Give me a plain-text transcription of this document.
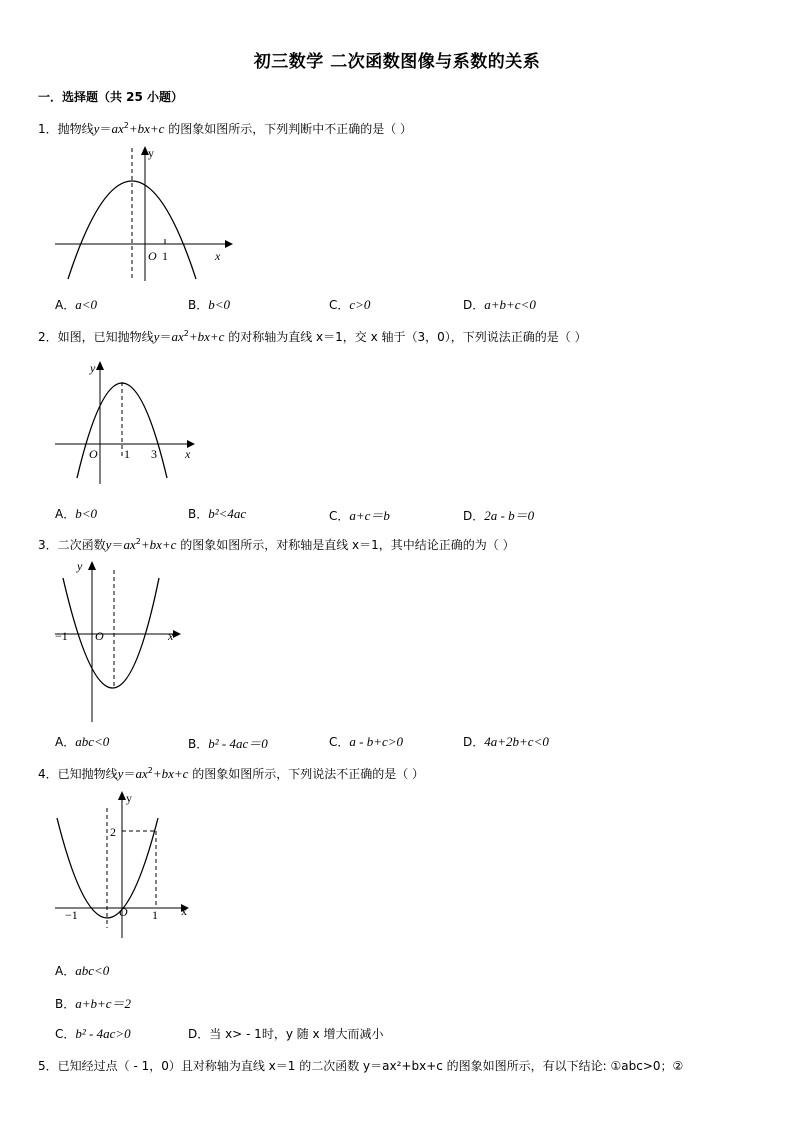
初三数学 二次函数图像与系数的关系
一．选择题（共 25 小题）
1．抛物线$y=ax^2+bx+c$ 的图象如图所示，下列判断中不正确的是（ ）
y
x
O 1
A．a<0	B．b<0	C．c>0	D．a+b+c<0
2．如图，已知抛物线$y=ax^2+bx+c$ 的对称轴为直线 x＝1，交 x 轴于（3，0），下列说法正确的是（ ）
y
x
O 1 3
A．b<0	B．b²<4ac	C．a+c＝b	D．2a - b＝0
3．二次函数$y=ax^2+bx+c$ 的图象如图所示，对称轴是直线 x＝1，其中结论正确的为（ ）
y
x
O
−1
A．abc<0	B．b² - 4ac＝0	C．a - b+c>0	D．4a+2b+c<0
4．已知抛物线$y=ax^2+bx+c$ 的图象如图所示，下列说法不正确的是（ ）
y
x
O
−1	1
2
A．abc<0
B．a+b+c＝2
C．b² - 4ac>0	D．当 x> - 1时，y 随 x 增大而减小
5．已知经过点（ - 1，0）且对称轴为直线 x＝1 的二次函数 y＝ax²+bx+c 的图象如图所示，有以下结论: ①abc>0；②
